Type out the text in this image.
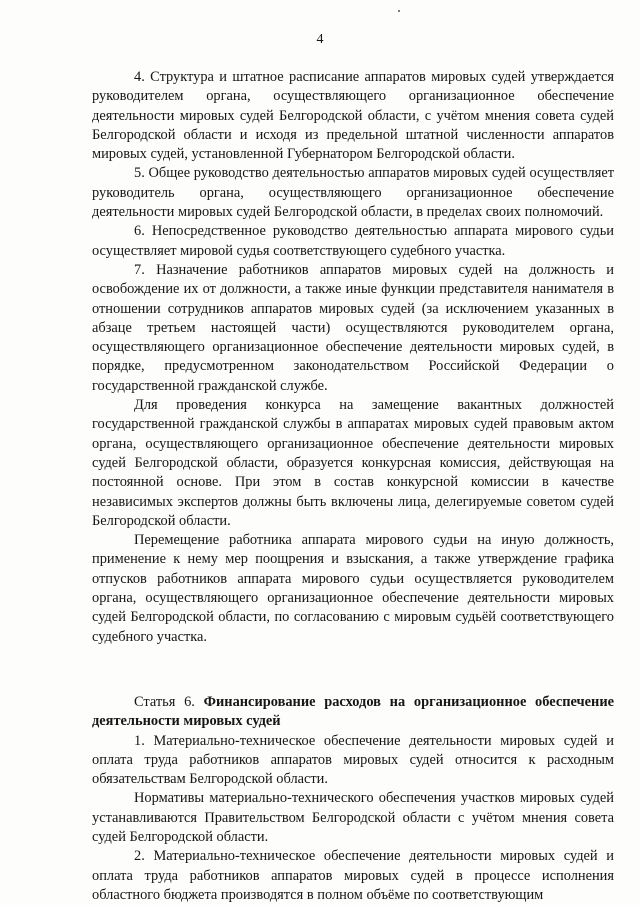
4

4. Структура и штатное расписание аппаратов мировых судей утверждается руководителем органа, осуществляющего организационное обеспечение деятельности мировых судей Белгородской области, с учётом мнения совета судей Белгородской области и исходя из предельной штатной численности аппаратов мировых судей, установленной Губернатором Белгородской области.

5. Общее руководство деятельностью аппаратов мировых судей осуществляет руководитель органа, осуществляющего организационное обеспечение деятельности мировых судей Белгородской области, в пределах своих полномочий.

6. Непосредственное руководство деятельностью аппарата мирового судьи осуществляет мировой судья соответствующего судебного участка.

7. Назначение работников аппаратов мировых судей на должность и освобождение их от должности, а также иные функции представителя нанимателя в отношении сотрудников аппаратов мировых судей (за исключением указанных в абзаце третьем настоящей части) осуществляются руководителем органа, осуществляющего организационное обеспечение деятельности мировых судей, в порядке, предусмотренном законодательством Российской Федерации о государственной гражданской службе.

Для проведения конкурса на замещение вакантных должностей государственной гражданской службы в аппаратах мировых судей правовым актом органа, осуществляющего организационное обеспечение деятельности мировых судей Белгородской области, образуется конкурсная комиссия, действующая на постоянной основе. При этом в состав конкурсной комиссии в качестве независимых экспертов должны быть включены лица, делегируемые советом судей Белгородской области.

Перемещение работника аппарата мирового судьи на иную должность, применение к нему мер поощрения и взыскания, а также утверждение графика отпусков работников аппарата мирового судьи осуществляется руководителем органа, осуществляющего организационное обеспечение деятельности мировых судей Белгородской области, по согласованию с мировым судьёй соответствующего судебного участка.

Статья 6. Финансирование расходов на организационное обеспечение деятельности мировых судей

1. Материально-техническое обеспечение деятельности мировых судей и оплата труда работников аппаратов мировых судей относится к расходным обязательствам Белгородской области.

Нормативы материально-технического обеспечения участков мировых судей устанавливаются Правительством Белгородской области с учётом мнения совета судей Белгородской области.

2. Материально-техническое обеспечение деятельности мировых судей и оплата труда работников аппаратов мировых судей в процессе исполнения областного бюджета производятся в полном объёме по соответствующим
